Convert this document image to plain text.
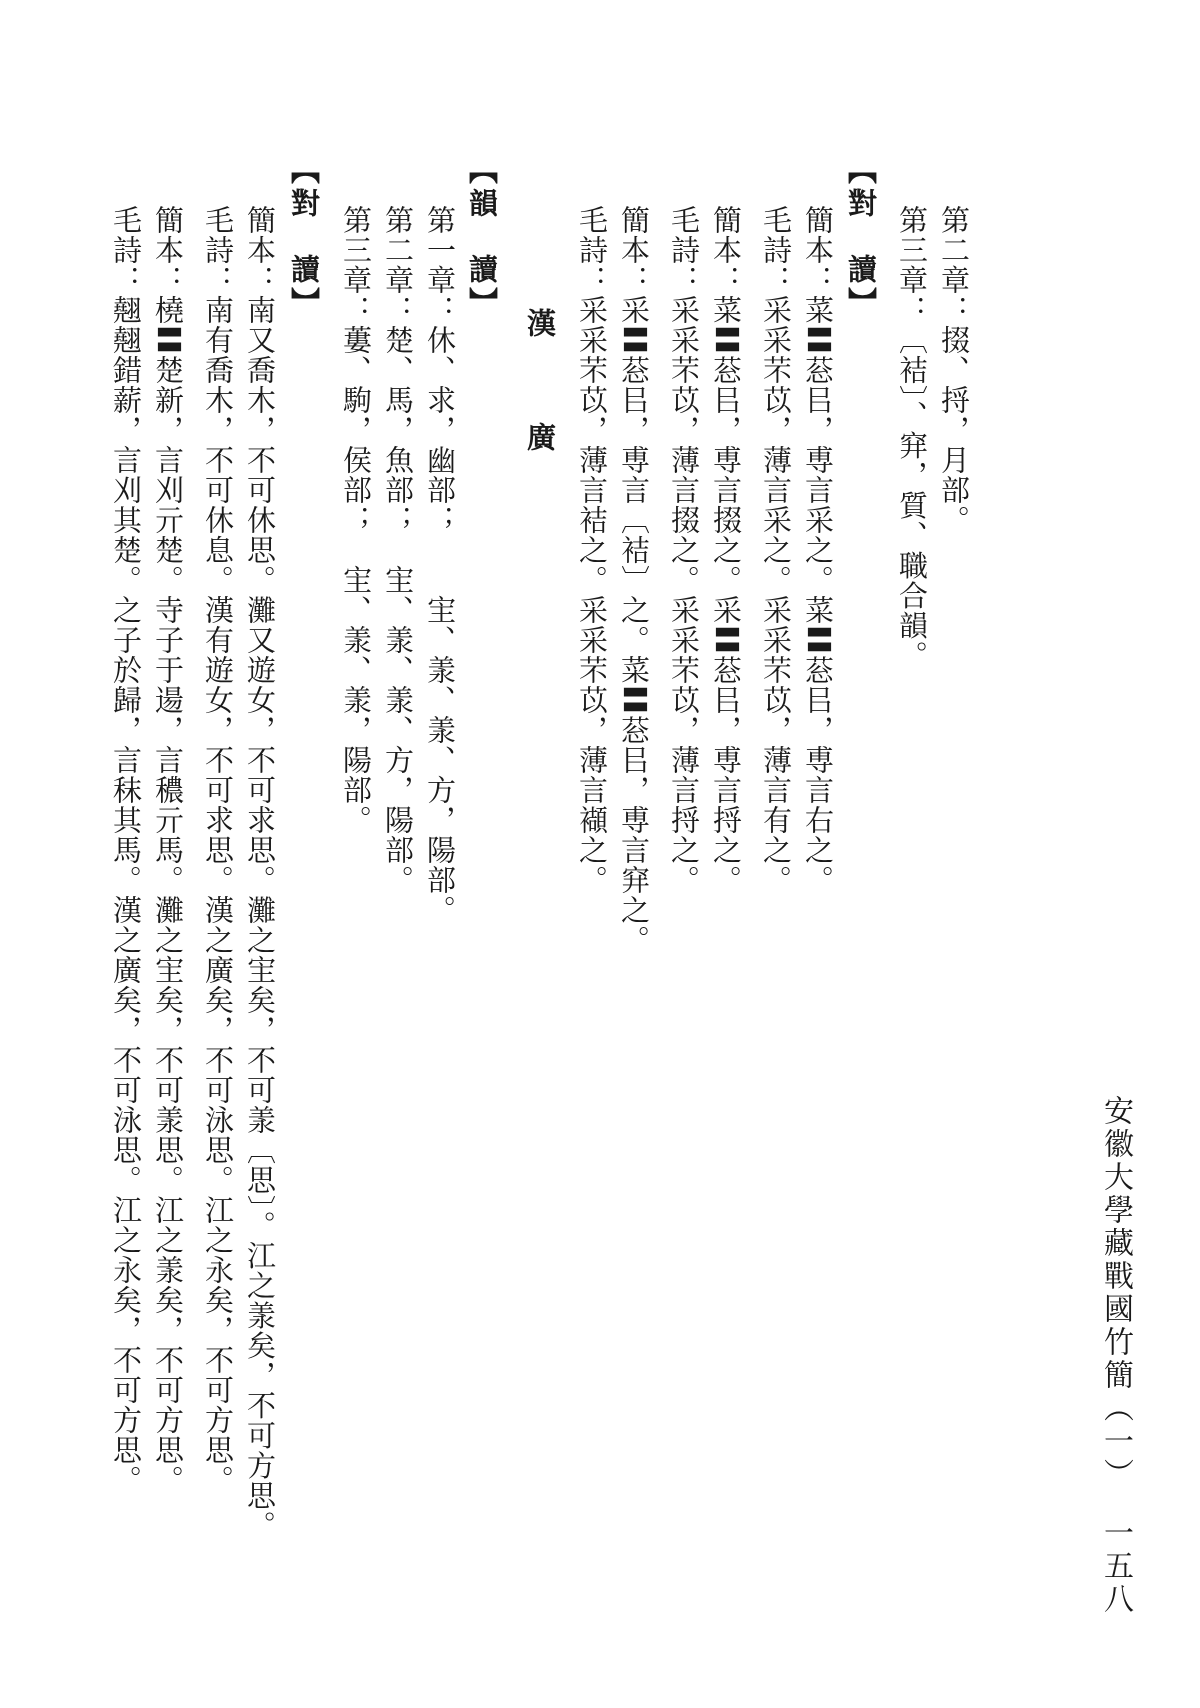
安徽大學藏戰國竹簡（一）一五八
第二章：掇、捋，月部。
第三章：〔袺〕、穽，質、職合韻。
【對　讀】
簡本：菜〓䓗㠯，尃言采之。菜〓䓗㠯，尃言右之。
毛詩：采采芣苡，薄言采之。采采芣苡，薄言有之。
簡本：菜〓䓗㠯，尃言掇之。采〓䓗㠯，尃言捋之。
毛詩：采采芣苡，薄言掇之。采采芣苡，薄言捋之。
簡本：采〓䓗㠯，尃言〔袺〕之。菜〓䓗㠯，尃言穽之。
毛詩：采采芣苡，薄言袺之。采采芣苡，薄言襭之。
漢　廣
【韻　讀】
第一章：休、求，幽部；　　宔、羕、羕、方，陽部。
第二章：楚、馬，魚部；　宔、羕、羕、方，陽部。
第三章：蔞、駒，侯部；　宔、羕、羕，陽部。
【對　讀】
簡本：南又喬木，不可休思。灘又遊女，不可求思。灘之宔矣，不可羕〔思〕。江之羕矣，不可方思。
毛詩：南有喬木，不可休息。漢有遊女，不可求思。漢之廣矣，不可泳思。江之永矣，不可方思。
簡本：橈〓楚新，言刈亓楚。寺子于逿，言穠亓馬。灘之宔矣，不可羕思。江之羕矣，不可方思。
毛詩：翹翹錯薪，言刈其楚。之子於歸，言秣其馬。漢之廣矣，不可泳思。江之永矣，不可方思。
